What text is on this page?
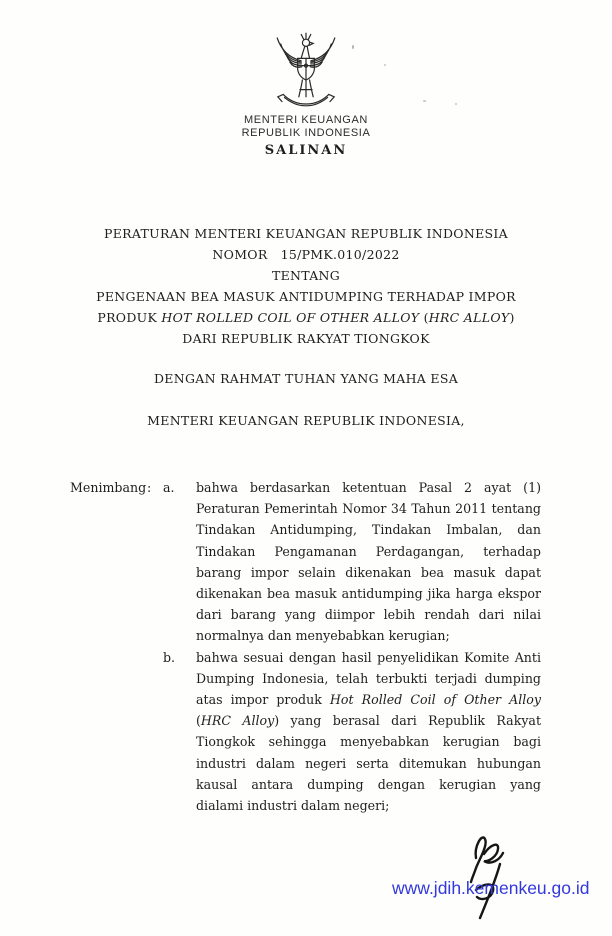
MENTERI KEUANGAN
REPUBLIK INDONESIA
SALINAN
PERATURAN MENTERI KEUANGAN REPUBLIK INDONESIA
NOMOR 15/PMK.010/2022
TENTANG
PENGENAAN BEA MASUK ANTIDUMPING TERHADAP IMPOR
PRODUK HOT ROLLED COIL OF OTHER ALLOY (HRC ALLOY)
DARI REPUBLIK RAKYAT TIONGKOK
DENGAN RAHMAT TUHAN YANG MAHA ESA
MENTERI KEUANGAN REPUBLIK INDONESIA,
Menimbang : a.	bahwa berdasarkan ketentuan Pasal 2 ayat (1) Peraturan Pemerintah Nomor 34 Tahun 2011 tentang Tindakan Antidumping, Tindakan Imbalan, dan Tindakan Pengamanan Perdagangan, terhadap barang impor selain dikenakan bea masuk dapat dikenakan bea masuk antidumping jika harga ekspor dari barang yang diimpor lebih rendah dari nilai normalnya dan menyebabkan kerugian;
b.	bahwa sesuai dengan hasil penyelidikan Komite Anti Dumping Indonesia, telah terbukti terjadi dumping atas impor produk Hot Rolled Coil of Other Alloy (HRC Alloy) yang berasal dari Republik Rakyat Tiongkok sehingga menyebabkan kerugian bagi industri dalam negeri serta ditemukan hubungan kausal antara dumping dengan kerugian yang dialami industri dalam negeri;
www.jdih.kemenkeu.go.id
